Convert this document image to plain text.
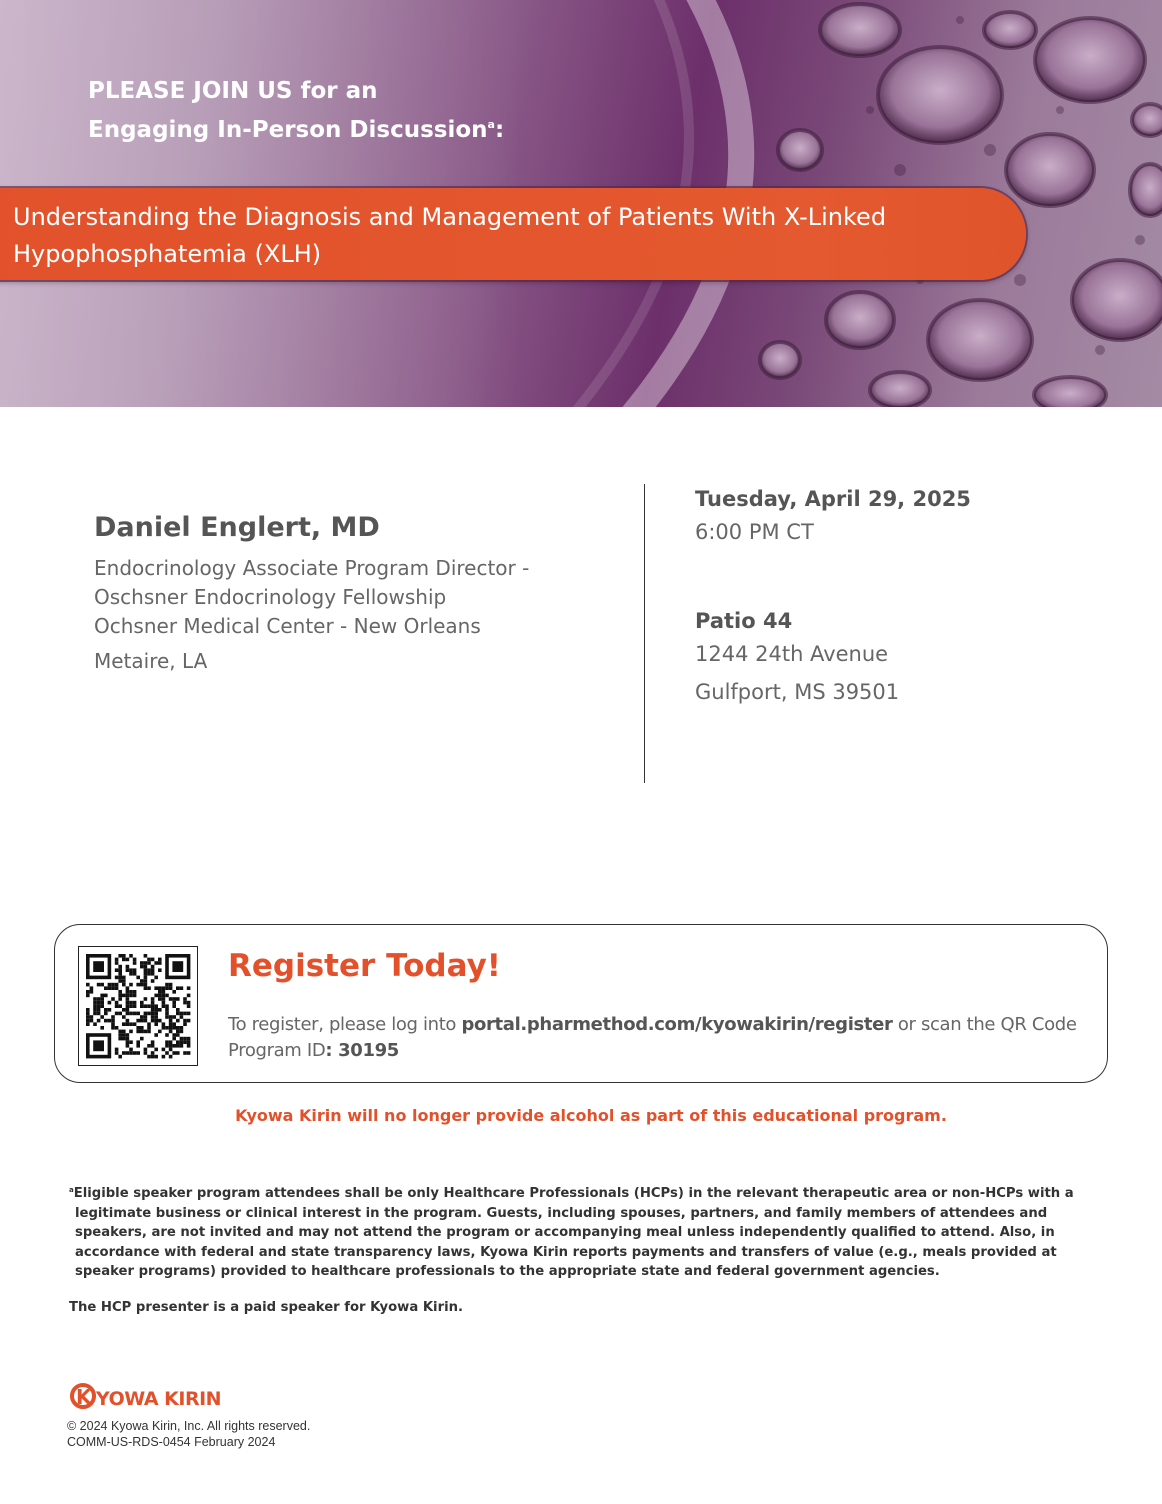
PLEASE JOIN US for an
Engaging In-Person Discussion$^a$:
Understanding the Diagnosis and Management of Patients With X-Linked Hypophosphatemia (XLH)
Daniel Englert, MD
Endocrinology Associate Program Director -
Oschsner Endocrinology Fellowship
Ochsner Medical Center - New Orleans
Metaire, LA
Tuesday, April 29, 2025
6:00 PM CT
Patio 44
1244 24th Avenue
Gulfport, MS 39501
Register Today!
To register, please log into portal.pharmethod.com/kyowakirin/register or scan the QR Code
Program ID: 30195
Kyowa Kirin will no longer provide alcohol as part of this educational program.

$^a$Eligible speaker program attendees shall be only Healthcare Professionals (HCPs) in the relevant therapeutic area or non-HCPs with a legitimate business or clinical interest in the program. Guests, including spouses, partners, and family members of attendees and speakers, are not invited and may not attend the program or accompanying meal unless independently qualified to attend. Also, in accordance with federal and state transparency laws, Kyowa Kirin reports payments and transfers of value (e.g., meals provided at speaker programs) provided to healthcare professionals to the appropriate state and federal government agencies.

The HCP presenter is a paid speaker for Kyowa Kirin.

K YOWA KIRIN
© 2024 Kyowa Kirin, Inc. All rights reserved.
COMM-US-RDS-0454 February 2024
